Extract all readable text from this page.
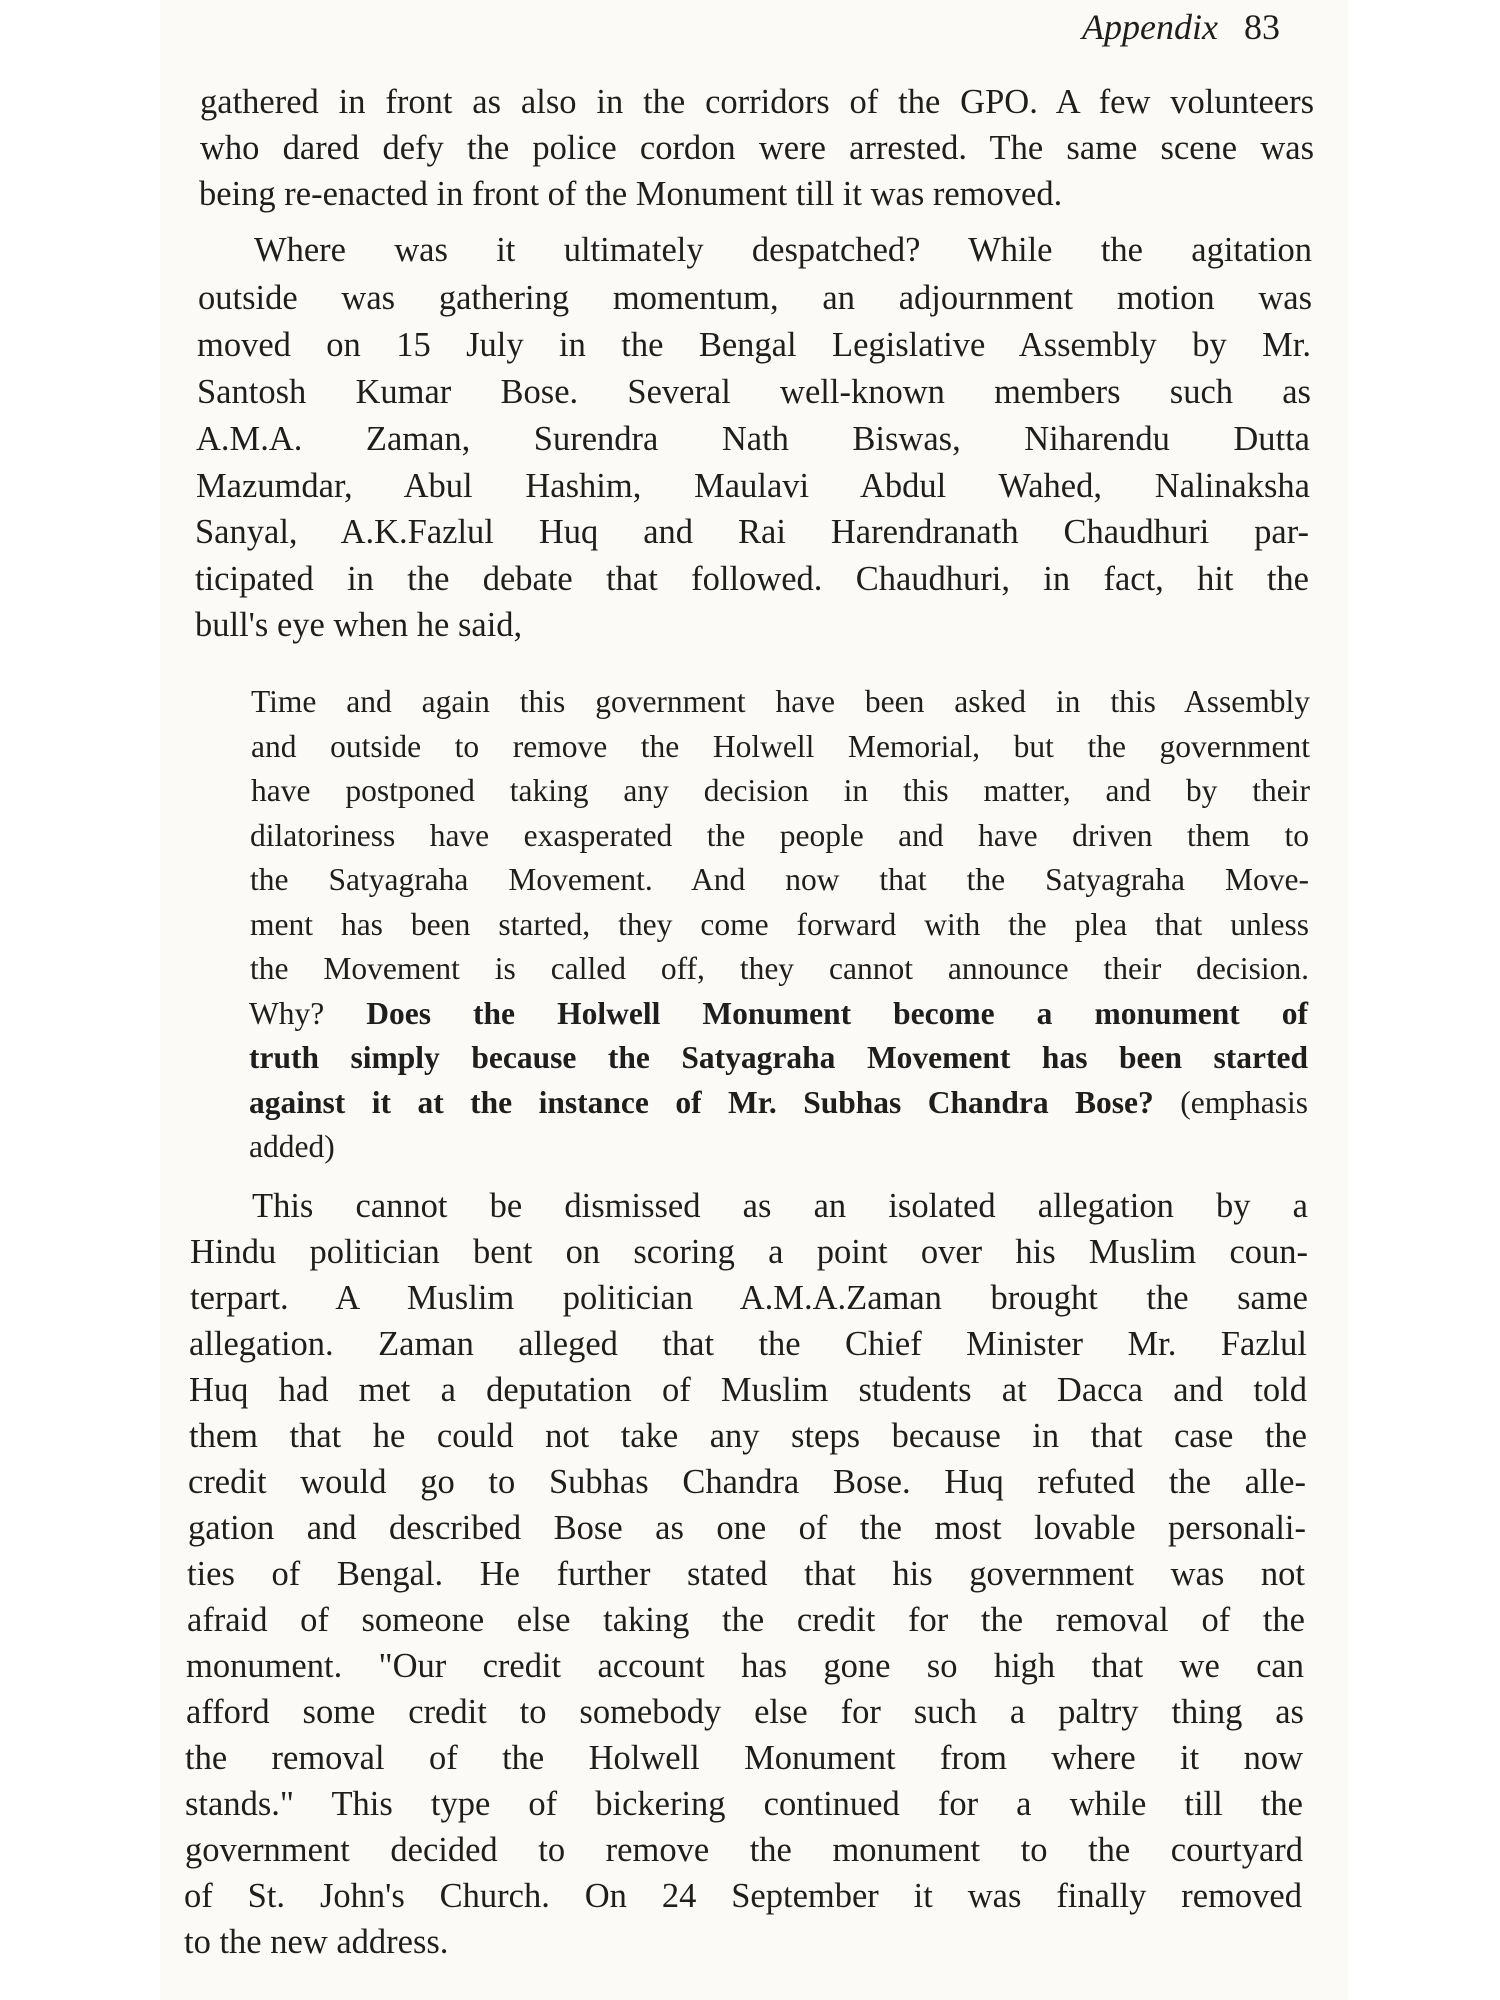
Appendix 83
gathered in front as also in the corridors of the GPO. A few volunteers
who dared defy the police cordon were arrested. The same scene was
being re-enacted in front of the Monument till it was removed.
Where was it ultimately despatched? While the agitation
outside was gathering momentum, an adjournment motion was
moved on 15 July in the Bengal Legislative Assembly by Mr.
Santosh Kumar Bose. Several well-known members such as
A.M.A. Zaman, Surendra Nath Biswas, Niharendu Dutta
Mazumdar, Abul Hashim, Maulavi Abdul Wahed, Nalinaksha
Sanyal, A.K.Fazlul Huq and Rai Harendranath Chaudhuri par-
ticipated in the debate that followed. Chaudhuri, in fact, hit the
bull's eye when he said,
Time and again this government have been asked in this Assembly
and outside to remove the Holwell Memorial, but the government
have postponed taking any decision in this matter, and by their
dilatoriness have exasperated the people and have driven them to
the Satyagraha Movement. And now that the Satyagraha Move-
ment has been started, they come forward with the plea that unless
the Movement is called off, they cannot announce their decision.
Why? Does the Holwell Monument become a monument of
truth simply because the Satyagraha Movement has been started
against it at the instance of Mr. Subhas Chandra Bose? (emphasis
added)
This cannot be dismissed as an isolated allegation by a
Hindu politician bent on scoring a point over his Muslim coun-
terpart. A Muslim politician A.M.A.Zaman brought the same
allegation. Zaman alleged that the Chief Minister Mr. Fazlul
Huq had met a deputation of Muslim students at Dacca and told
them that he could not take any steps because in that case the
credit would go to Subhas Chandra Bose. Huq refuted the alle-
gation and described Bose as one of the most lovable personali-
ties of Bengal. He further stated that his government was not
afraid of someone else taking the credit for the removal of the
monument. "Our credit account has gone so high that we can
afford some credit to somebody else for such a paltry thing as
the removal of the Holwell Monument from where it now
stands." This type of bickering continued for a while till the
government decided to remove the monument to the courtyard
of St. John's Church. On 24 September it was finally removed
to the new address.
